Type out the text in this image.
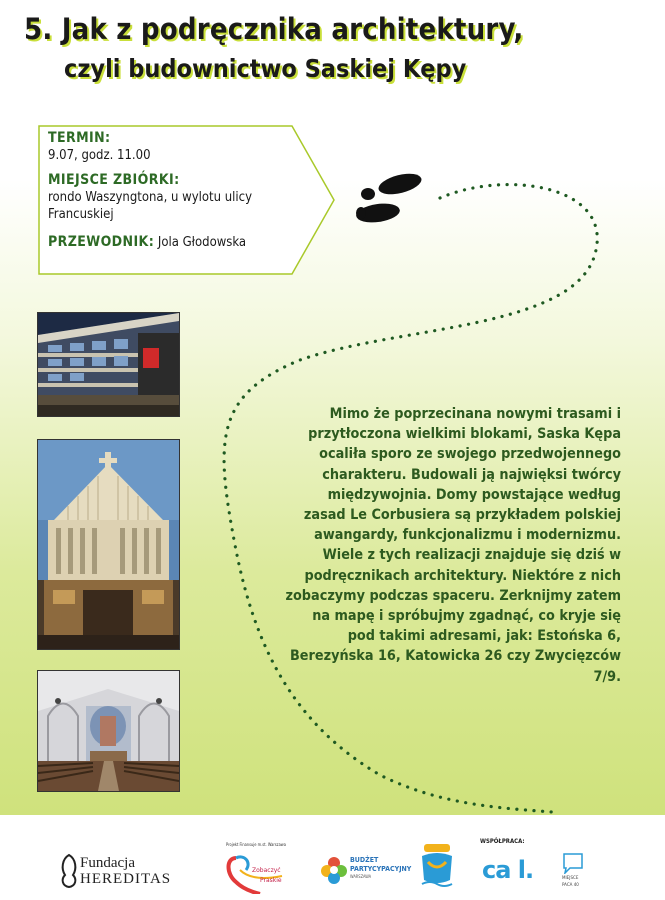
5. Jak z podręcznika architektury,
czyli budownictwo Saskiej Kępy
TERMIN:
9.07, godz. 11.00
MIEJSCE ZBIÓRKI:
rondo Waszyngtona, u wylotu ulicy Francuskiej
PRZEWODNIK: Jola Głodowska
Mimo że poprzecinana nowymi trasami i przytłoczona wielkimi blokami, Saska Kępa ocaliła sporo ze swojego przedwojennego charakteru. Budowali ją najwięksi twórcy międzywojnia. Domy powstające według zasad Le Corbusiera są przykładem polskiej awangardy, funkcjonalizmu i modernizmu. Wiele z tych realizacji znajduje się dziś w podręcznikach architektury. Niektóre z nich zobaczymy podczas spaceru. Zerknijmy zatem na mapę i spróbujmy zgadnąć, co kryje się pod takimi adresami, jak: Estońska 6, Berezyńska 16, Katowicka 26 czy Zwycięzców 7/9.
Fundacja
HEREDITAS
Projekt Finansuje m.st. Warszawa
Zobaczyć
Praskie
BUDŻET
PARTYCYPACYJNY
WARSZAWA
WSPÓŁPRACA:
ca l.	MIEJSCE
PACA 40
